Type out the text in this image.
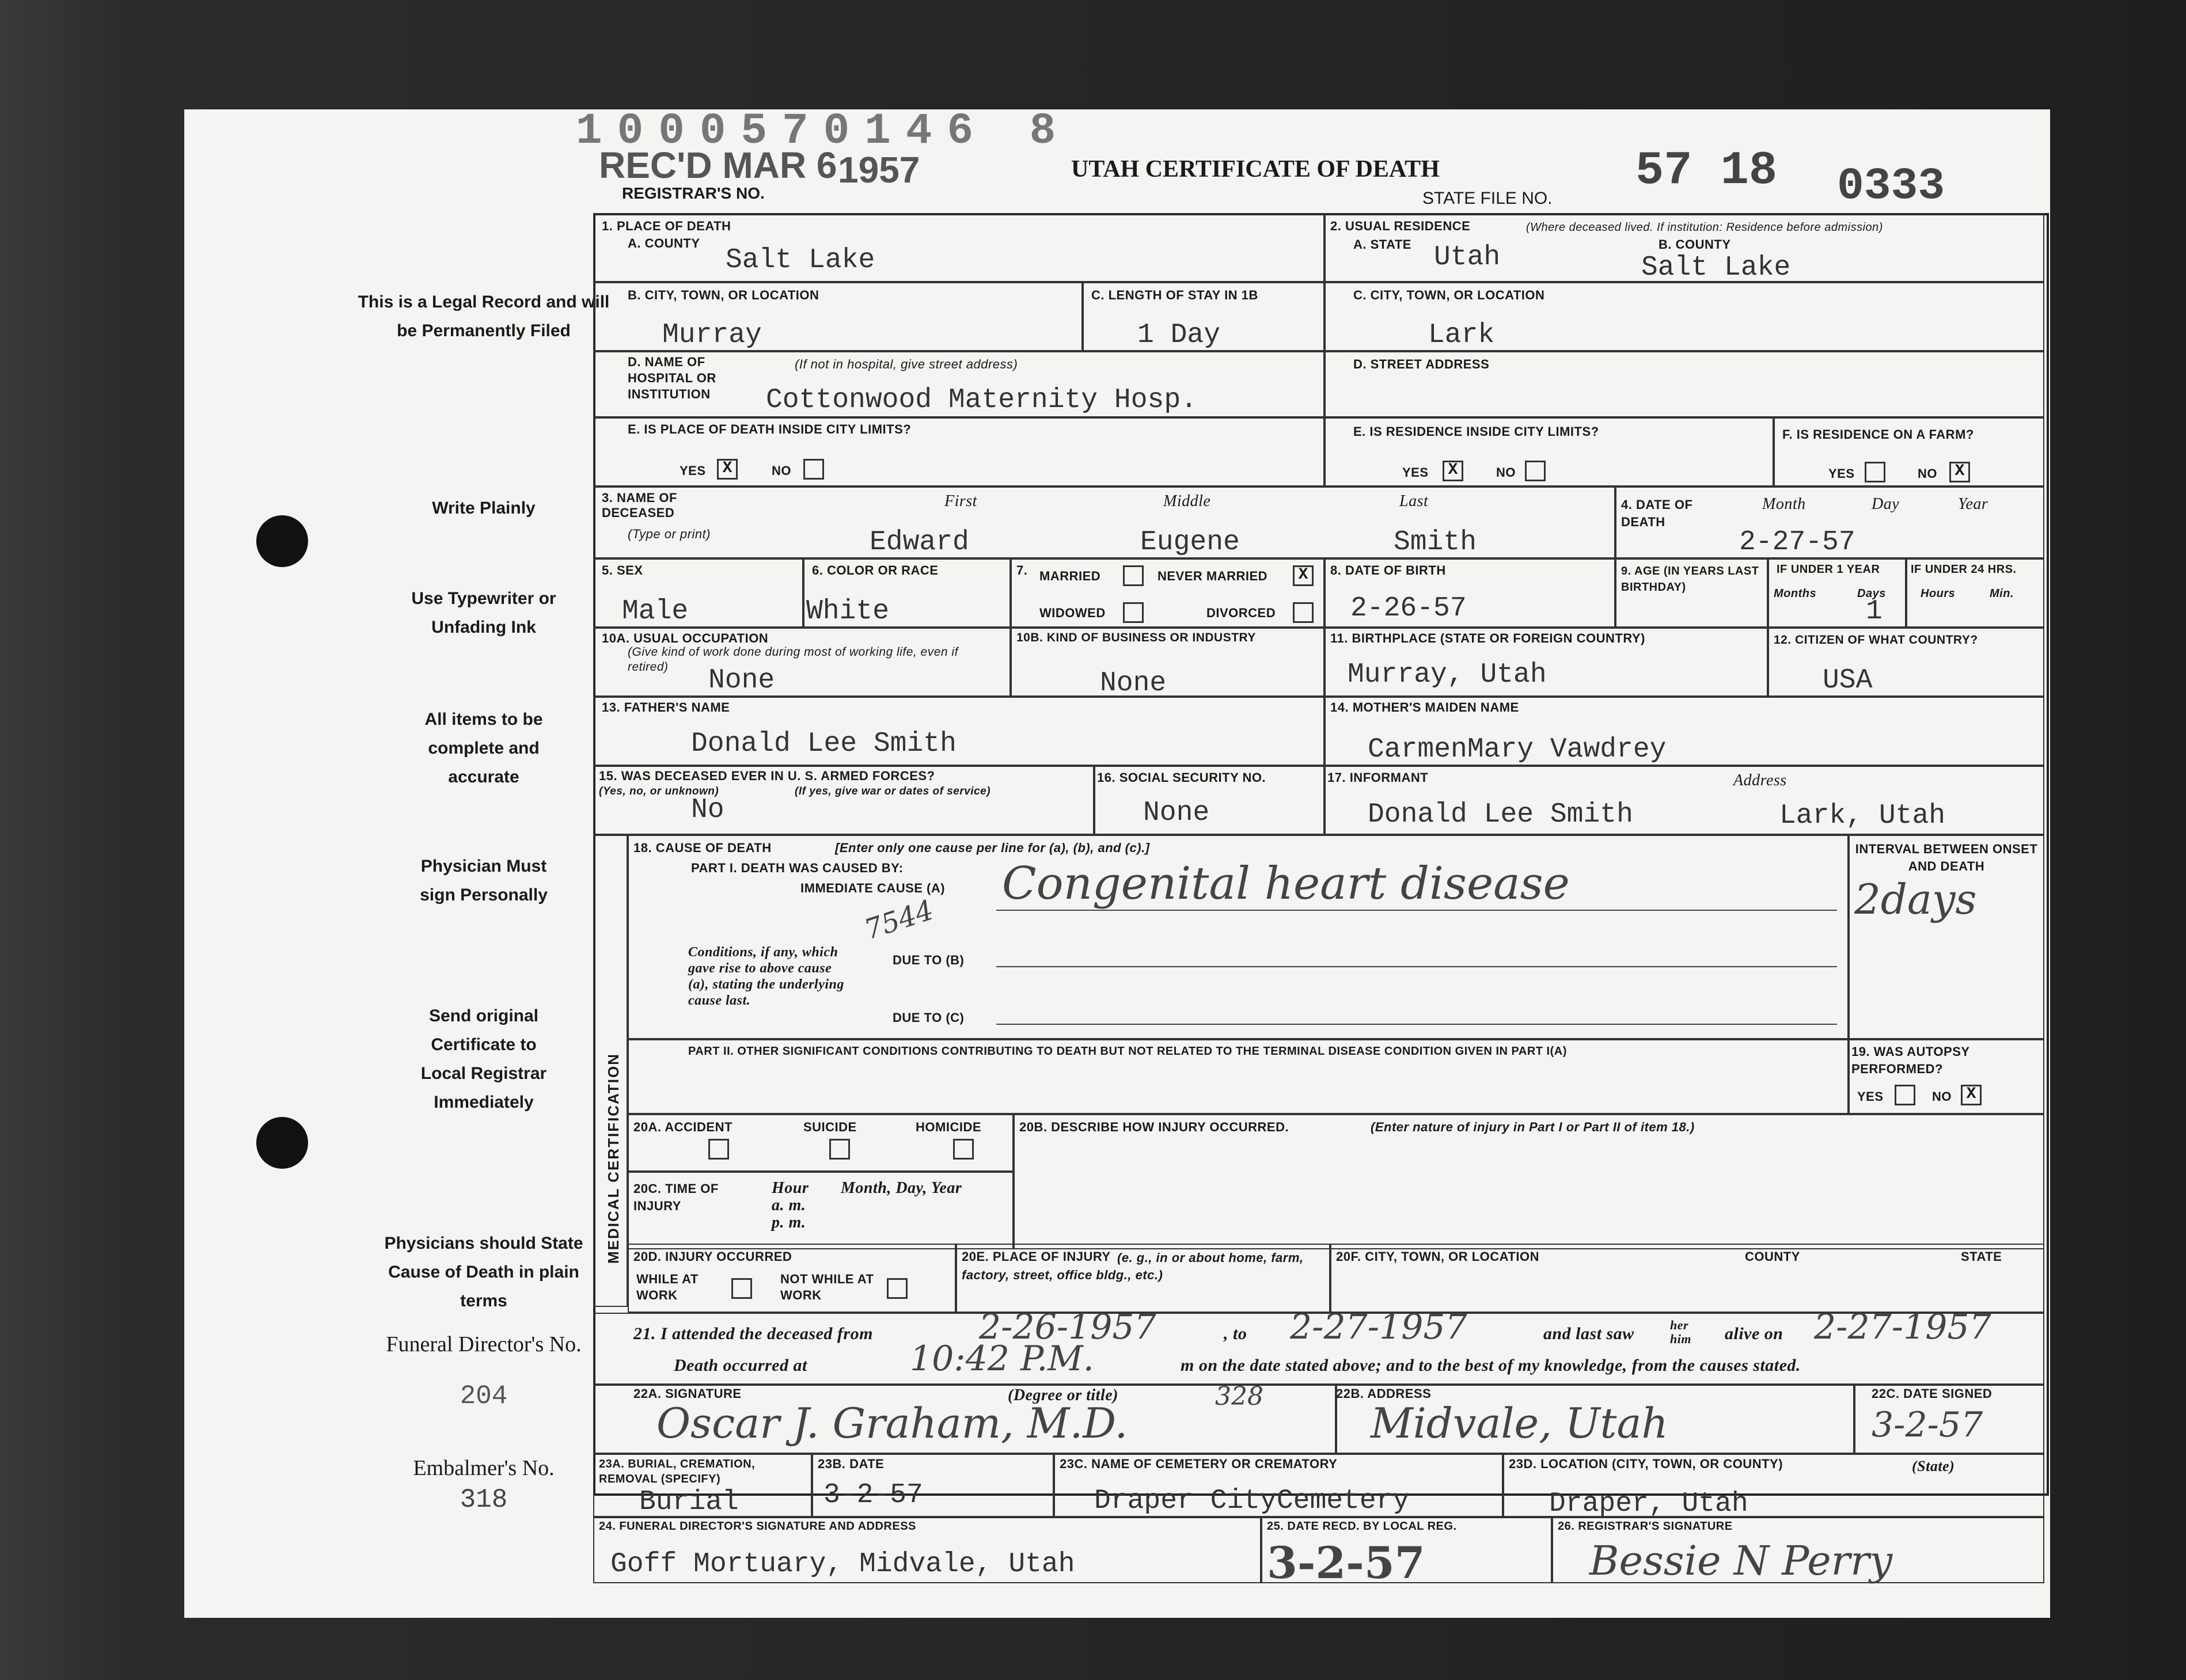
1000570146 8
REC'D MAR 6 1957
REGISTRAR'S NO.
UTAH CERTIFICATE OF DEATH
STATE FILE NO.
57 18 0333
This is a Legal Record and will be Permanently Filed
Write Plainly
Use Typewriter or Unfading Ink
All items to be complete and accurate
Physician Must sign Personally
Send original Certificate to Local Registrar Immediately
Physicians should State Cause of Death in plain terms
Funeral Director's No.
204
Embalmer's No.
318
1. PLACE OF DEATH
A. COUNTY
Salt Lake
2. USUAL RESIDENCE	(Where deceased lived. If institution: Residence before admission)
A. STATE Utah	B. COUNTY
Salt Lake
B. CITY, TOWN, OR LOCATION
Murray
C. LENGTH OF STAY IN 1B
1 Day
C. CITY, TOWN, OR LOCATION
Lark
D. NAME OF HOSPITAL OR INSTITUTION
(If not in hospital, give street address)
Cottonwood Maternity Hosp.
D. STREET ADDRESS
E. IS PLACE OF DEATH INSIDE CITY LIMITS?
YES	X	NO
E. IS RESIDENCE INSIDE CITY LIMITS?
YES	X	NO
F. IS RESIDENCE ON A FARM?
YES	NO	X
3. NAME OF DECEASED
(Type or print)
First	Middle	Last
Edward	Eugene	Smith
4. DATE OF DEATH
Month	Day	Year
2-27-57
5. SEX
Male
6. COLOR OR RACE
White
7. MARRIED	NEVER MARRIED	X
WIDOWED	DIVORCED
8. DATE OF BIRTH
2-26-57
9. AGE (IN YEARS LAST BIRTHDAY)
IF UNDER 1 YEAR
Months	Days
1
IF UNDER 24 HRS.
Hours	Min.
10A. USUAL OCCUPATION
(Give kind of work done during most of working life, even if retired)	None
10B. KIND OF BUSINESS OR INDUSTRY
None
11. BIRTHPLACE (STATE OR FOREIGN COUNTRY)
Murray, Utah
12. CITIZEN OF WHAT COUNTRY?
USA
13. FATHER'S NAME
Donald Lee Smith
14. MOTHER'S MAIDEN NAME
CarmenMary Vawdrey
15. WAS DECEASED EVER IN U. S. ARMED FORCES?
(Yes, no, or unknown)	(If yes, give war or dates of service)
No
16. SOCIAL SECURITY NO.
None
17. INFORMANT	Address
Donald Lee Smith	Lark, Utah
18. CAUSE OF DEATH	[Enter only one cause per line for (a), (b), and (c).]
PART I. DEATH WAS CAUSED BY:
IMMEDIATE CAUSE (A) Congenital heart disease
7544
Conditions, if any, which gave rise to above cause (a), stating the underlying cause last.
DUE TO (B)
DUE TO (C)
INTERVAL BETWEEN ONSET AND DEATH
2days
PART II. OTHER SIGNIFICANT CONDITIONS CONTRIBUTING TO DEATH BUT NOT RELATED TO THE TERMINAL DISEASE CONDITION GIVEN IN PART I(A)	19. WAS AUTOPSY PERFORMED?
YES	NO X
20A. ACCIDENT	SUICIDE	HOMICIDE	20B. DESCRIBE HOW INJURY OCCURRED.	(Enter nature of injury in Part I or Part II of item 18.)
20C. TIME OF INJURY
Hour
a. m.
p. m.
Month, Day, Year
20D. INJURY OCCURRED
WHILE AT WORK
NOT WHILE AT WORK
20E. PLACE OF INJURY (e. g., in or about home, farm, factory, street, office bldg., etc.)
20F. CITY, TOWN, OR LOCATION	COUNTY	STATE
21. I attended the deceased from	2-26-1957	, to 2-27-1957	and last saw	her him	alive on 2-27-1957
Death occurred at	10:42 P.M.	m on the date stated above; and to the best of my knowledge, from the causes stated.
22A. SIGNATURE	(Degree or title)
Oscar J. Graham, M.D.
328	22B. ADDRESS
Midvale, Utah
22C. DATE SIGNED
3-2-57
23A. BURIAL, CREMATION, REMOVAL (SPECIFY)
Burial
23B. DATE
3-2-57
23C. NAME OF CEMETERY OR CREMATORY
Draper CityCemetery
23D. LOCATION (CITY, TOWN, OR COUNTY)	(State)
Draper, Utah
24. FUNERAL DIRECTOR'S SIGNATURE AND ADDRESS
Goff Mortuary, Midvale, Utah
25. DATE RECD. BY LOCAL REG.
3-2-57
26. REGISTRAR'S SIGNATURE
Bessie N Perry
